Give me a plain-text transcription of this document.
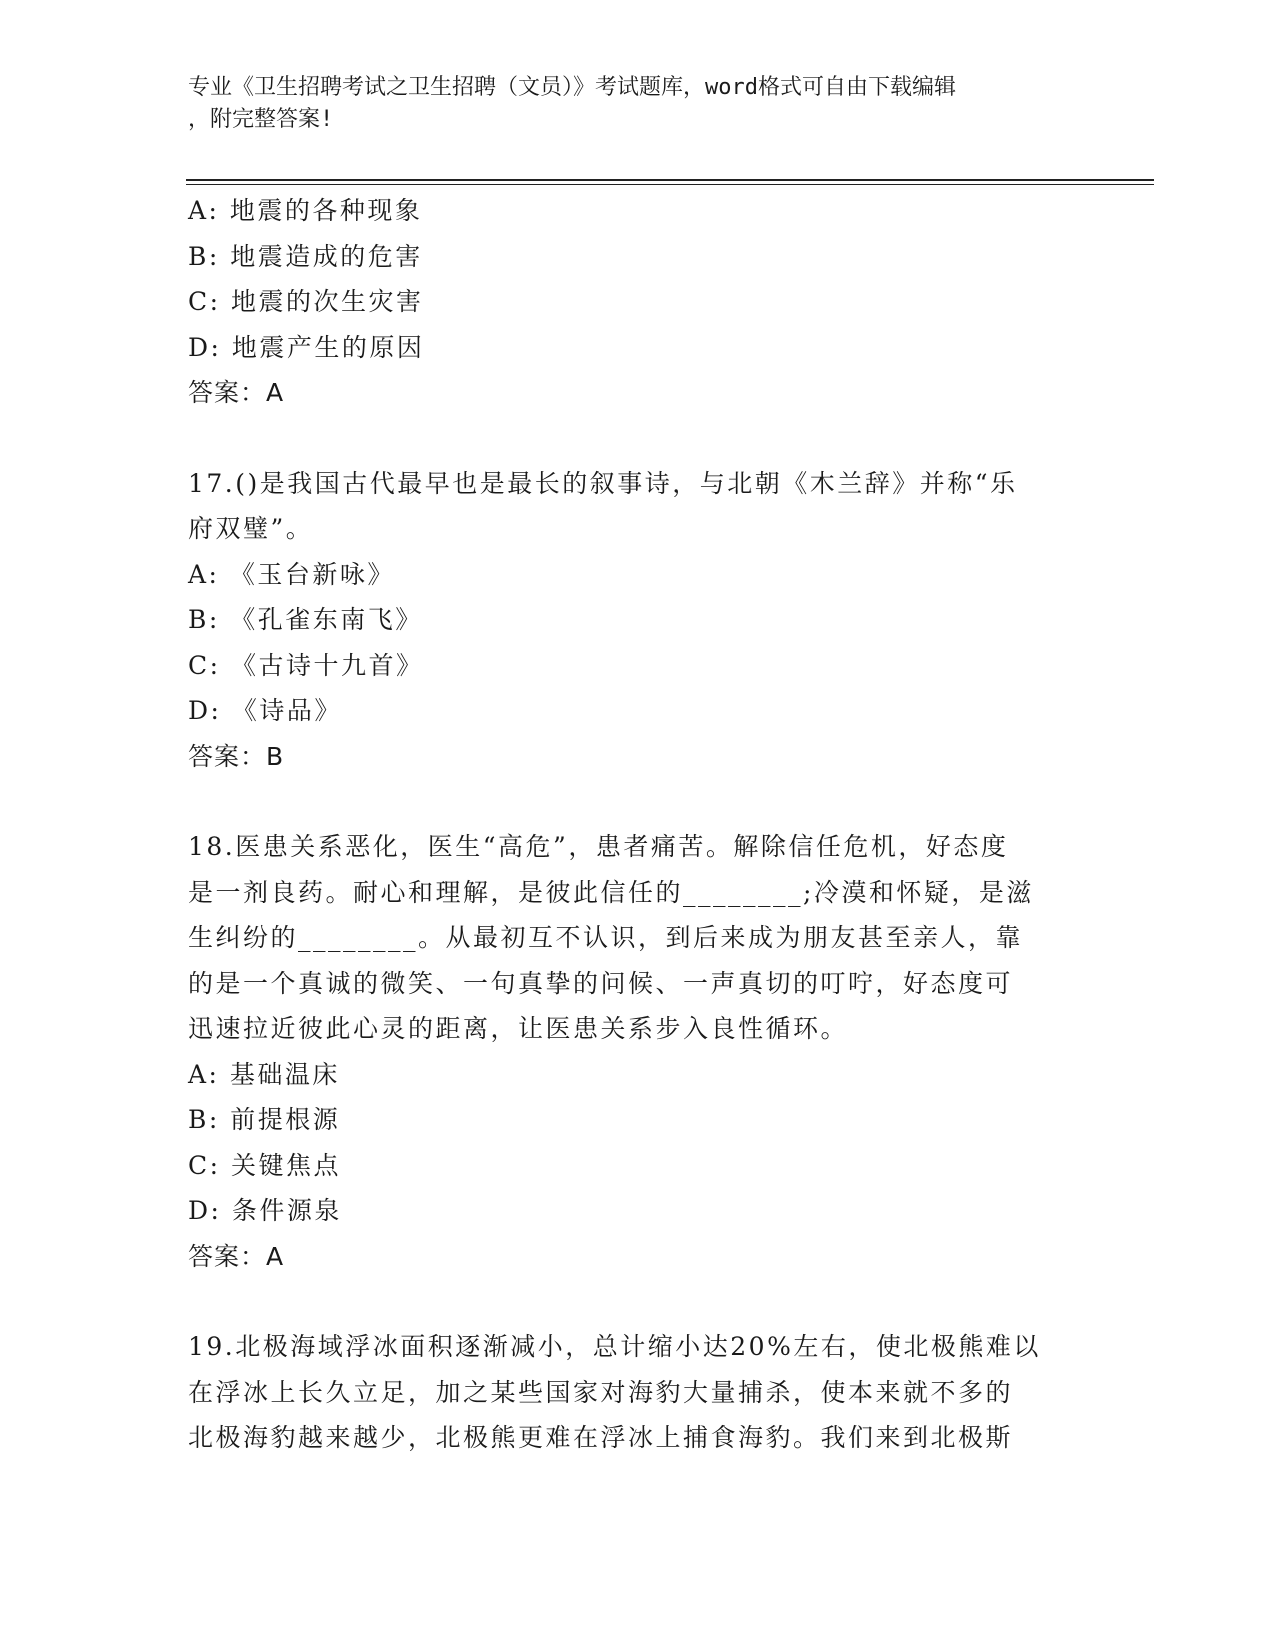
专业《卫生招聘考试之卫生招聘（文员）》考试题库，word格式可自由下载编辑
，附完整答案!
A: 地震的各种现象
B: 地震造成的危害
C: 地震的次生灾害
D: 地震产生的原因
答案：A
17.()是我国古代最早也是最长的叙事诗，与北朝《木兰辞》并称“乐
府双璧”。
A: 《玉台新咏》
B: 《孔雀东南飞》
C: 《古诗十九首》
D: 《诗品》
答案：B
18.医患关系恶化，医生“高危”，患者痛苦。解除信任危机，好态度
是一剂良药。耐心和理解，是彼此信任的________;冷漠和怀疑，是滋
生纠纷的________。从最初互不认识，到后来成为朋友甚至亲人，靠
的是一个真诚的微笑、一句真挚的问候、一声真切的叮咛，好态度可
迅速拉近彼此心灵的距离，让医患关系步入良性循环。
A: 基础温床
B: 前提根源
C: 关键焦点
D: 条件源泉
答案：A
19.北极海域浮冰面积逐渐减小，总计缩小达20%左右，使北极熊难以
在浮冰上长久立足，加之某些国家对海豹大量捕杀，使本来就不多的
北极海豹越来越少，北极熊更难在浮冰上捕食海豹。我们来到北极斯
